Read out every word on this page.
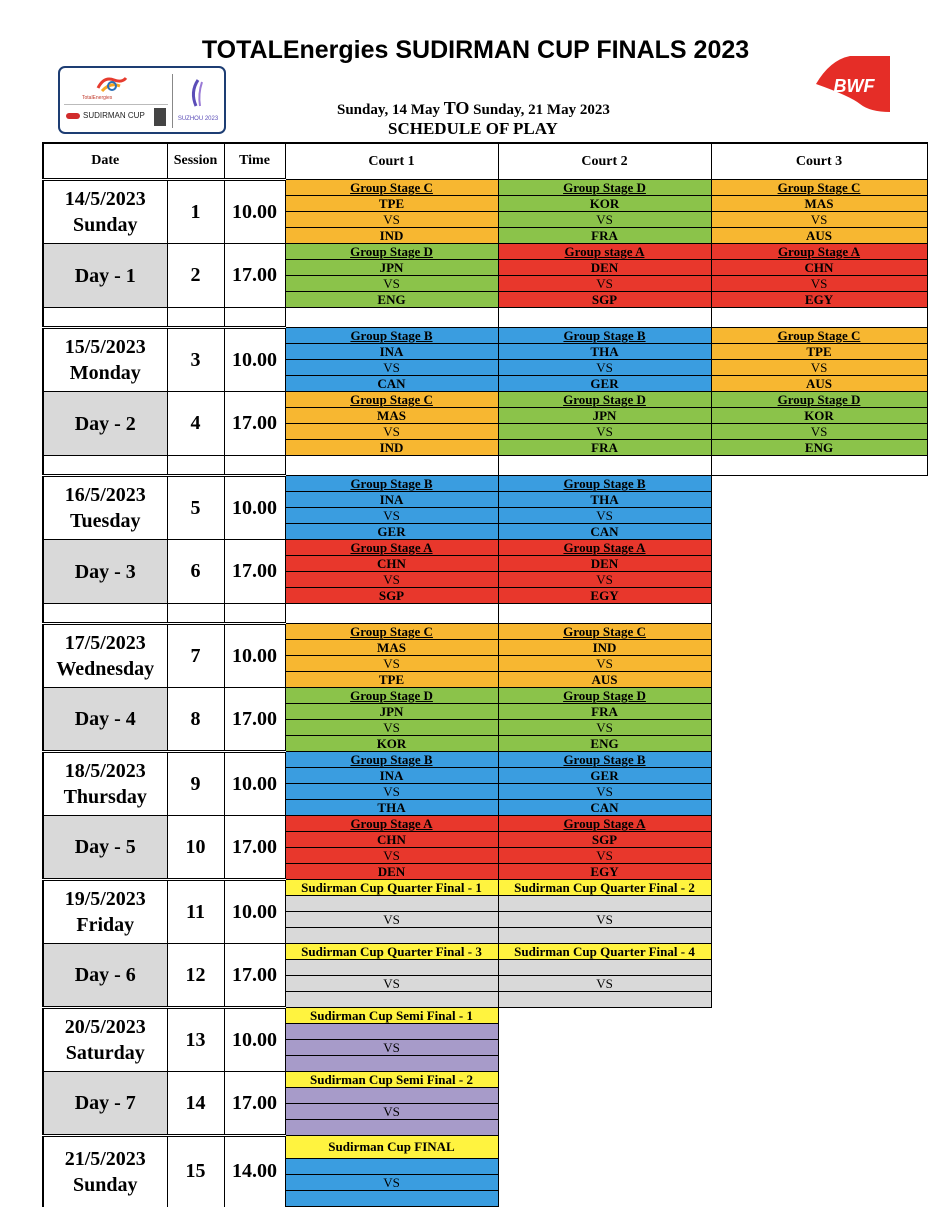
TOTALEnergies SUDIRMAN CUP FINALS 2023
TotalEnergies
SUDIRMAN CUP	SUZHOU 2023
BWF
Sunday, 14 May TO Sunday, 21 May 2023
SCHEDULE OF PLAY
Date	Session	Time	Court 1	Court 2	Court 3

14/5/2023
Sunday	1	10.00	Group Stage C	Group Stage D	Group Stage C
			TPE	KOR	MAS
			VS	VS	VS
			IND	FRA	AUS
Day - 1	2	17.00	Group Stage D	Group stage A	Group Stage A
			JPN	DEN	CHN
			VS	VS	VS
			ENG	SGP	EGY

15/5/2023
Monday	3	10.00	Group Stage B	Group Stage B	Group Stage C
			INA	THA	TPE
			VS	VS	VS
			CAN	GER	AUS
Day - 2	4	17.00	Group Stage C	Group Stage D	Group Stage D
			MAS	JPN	KOR
			VS	VS	VS
			IND	FRA	ENG

16/5/2023
Tuesday	5	10.00	Group Stage B	Group Stage B	
			INA	THA	
			VS	VS	
			GER	CAN	
Day - 3	6	17.00	Group Stage A	Group Stage A	
			CHN	DEN	
			VS	VS	
			SGP	EGY	

17/5/2023
Wednesday	7	10.00	Group Stage C	Group Stage C	
			MAS	IND	
			VS	VS	
			TPE	AUS	
Day - 4	8	17.00	Group Stage D	Group Stage D	
			JPN	FRA	
			VS	VS	
			KOR	ENG	

18/5/2023
Thursday	9	10.00	Group Stage B	Group Stage B	
			INA	GER	
			VS	VS	
			THA	CAN	
Day - 5	10	17.00	Group Stage A	Group Stage A	
			CHN	SGP	
			VS	VS	
			DEN	EGY	

19/5/2023
Friday	11	10.00	Sudirman Cup Quarter Final - 1	Sudirman Cup Quarter Final - 2	

			VS	VS	

Day - 6	12	17.00	Sudirman Cup Quarter Final - 3	Sudirman Cup Quarter Final - 4	

			VS	VS	

20/5/2023
Saturday	13	10.00	Sudirman Cup Semi Final - 1		

			VS		

Day - 7	14	17.00	Sudirman Cup Semi Final - 2		

			VS		

21/5/2023
Sunday	15	14.00	Sudirman Cup FINAL		

			VS		
